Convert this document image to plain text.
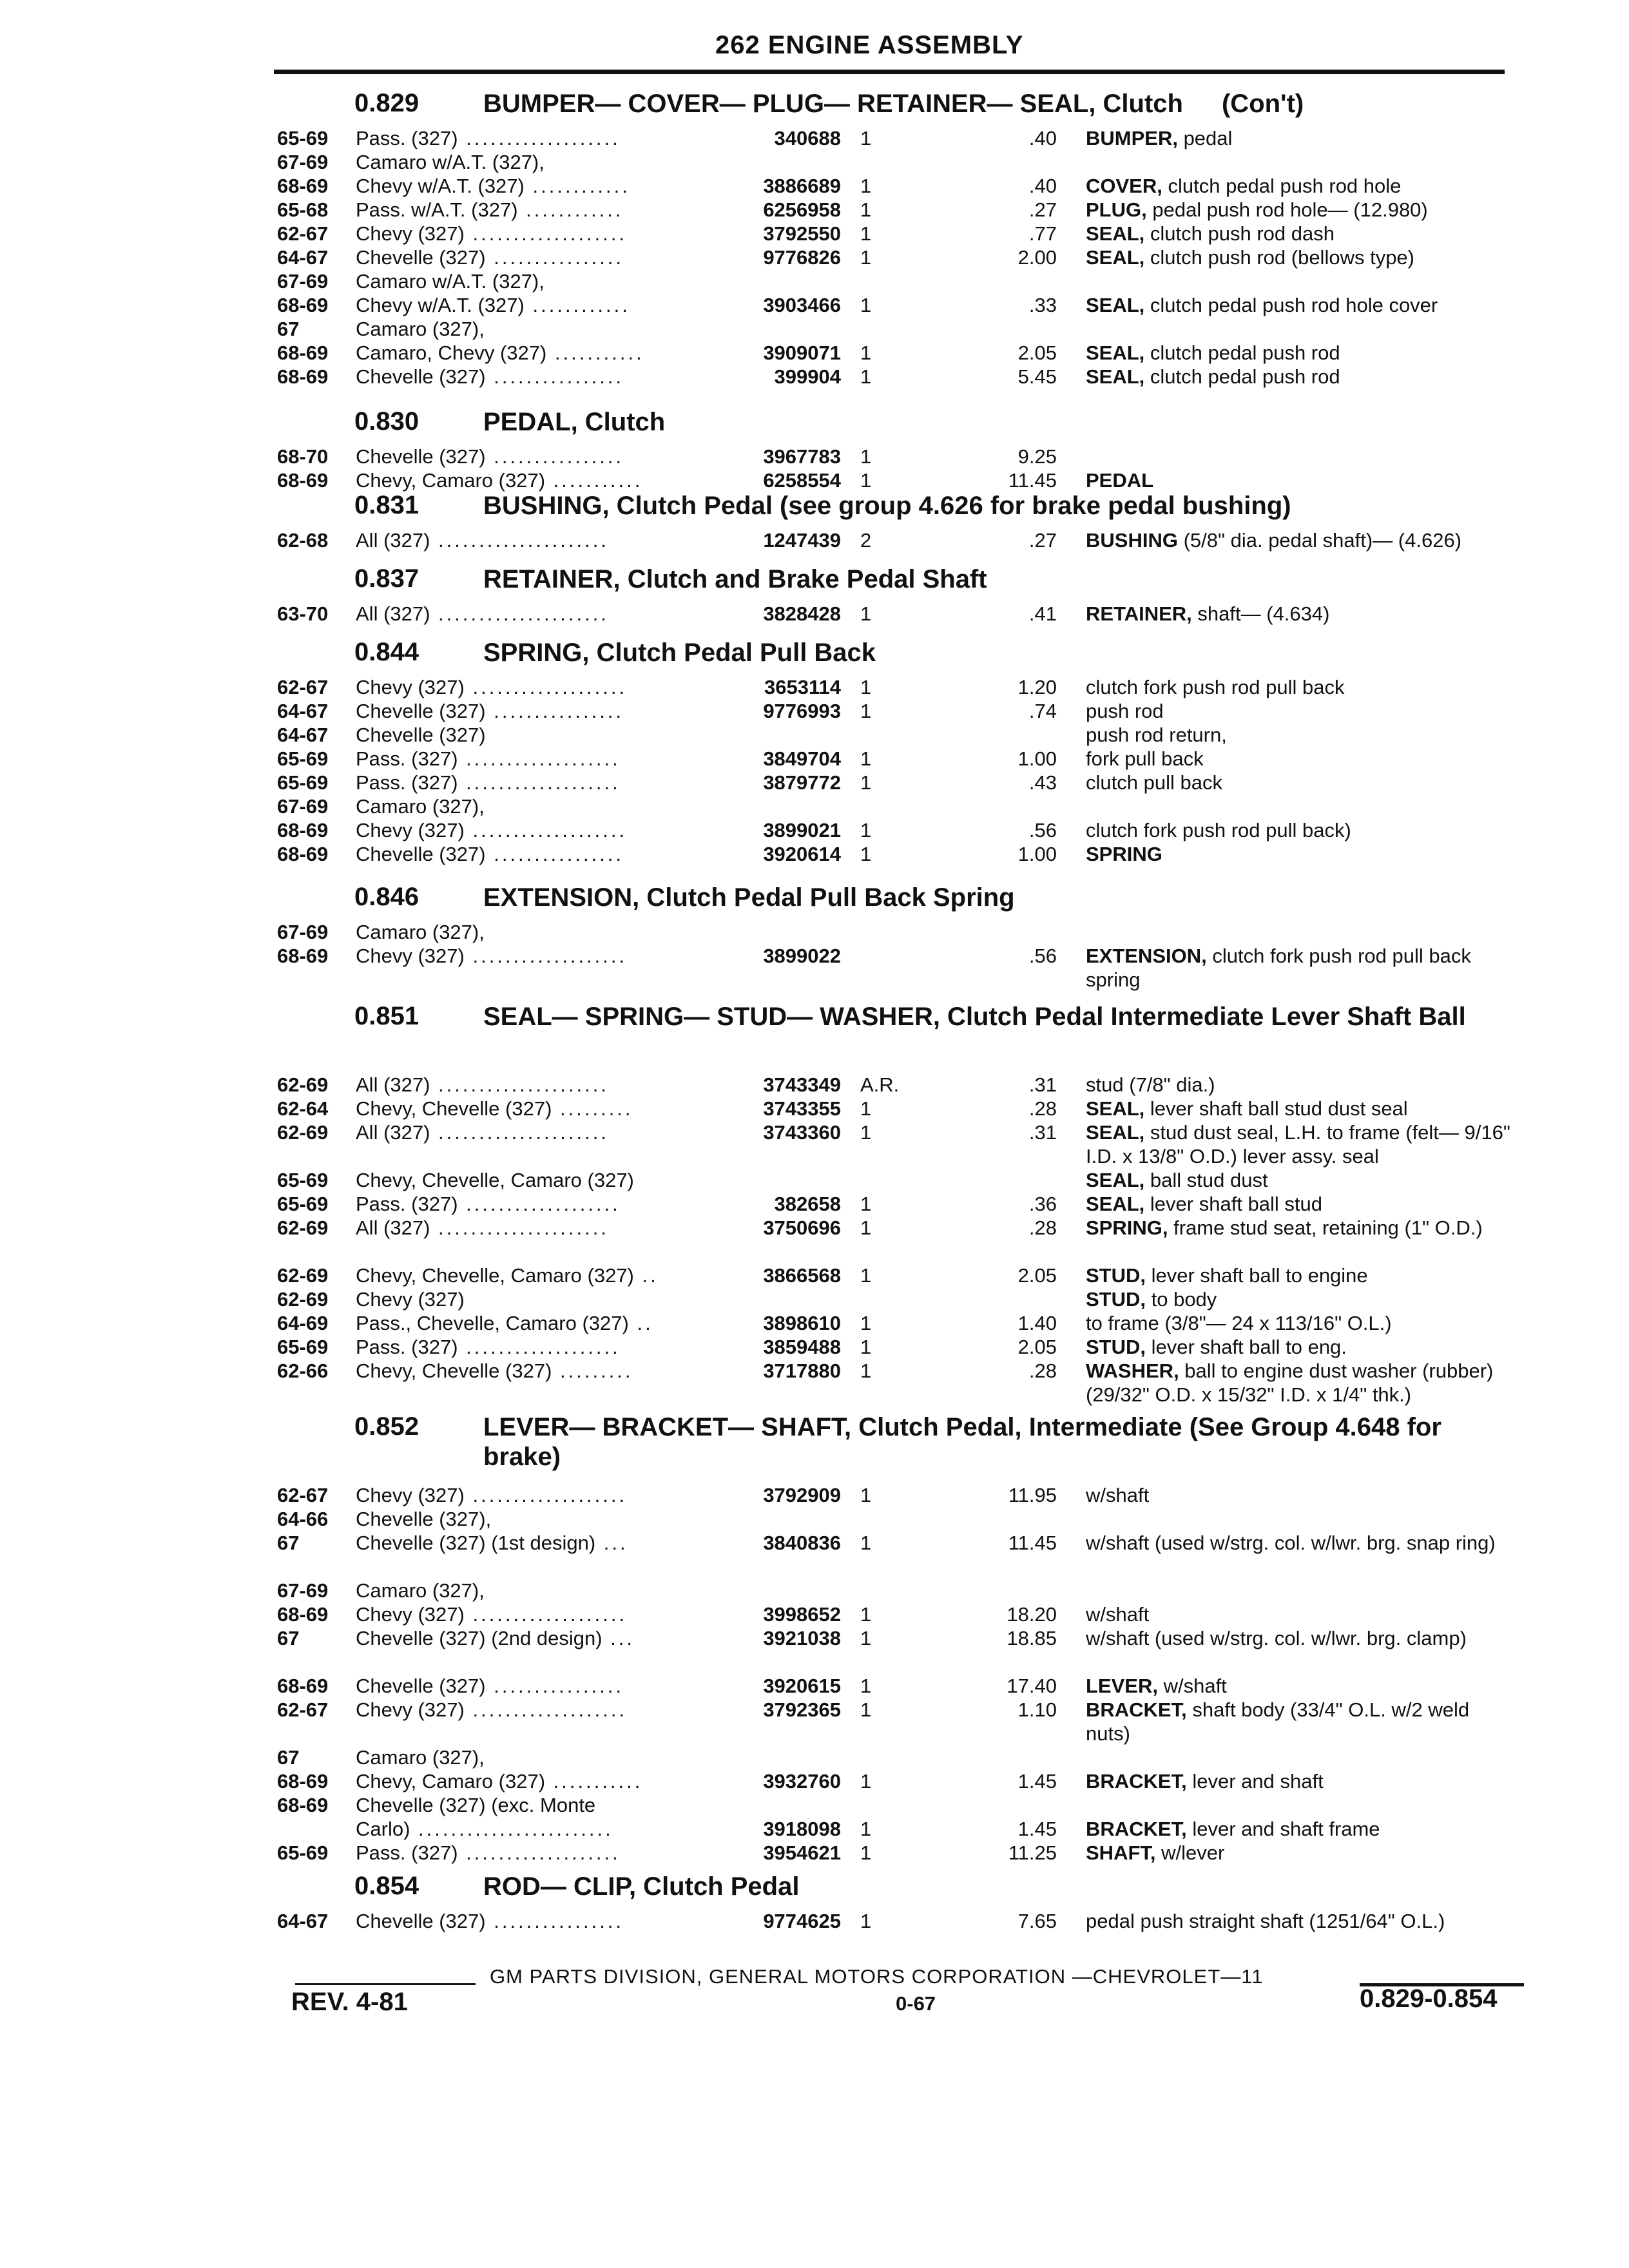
262 ENGINE ASSEMBLY
0.829 BUMPER— COVER— PLUG— RETAINER— SEAL, Clutch (Con't)
65-69	Pass. (327) ...................	340688 1	.40 BUMPER, pedal
67-69	Camaro w/A.T. (327),
68-69	Chevy w/A.T. (327) ............	3886689 1	.40 COVER, clutch pedal push rod hole
65-68	Pass. w/A.T. (327) ............	6256958 1	.27 PLUG, pedal push rod hole— (12.980)
62-67	Chevy (327) ...................	3792550 1	.77 SEAL, clutch push rod dash
64-67	Chevelle (327) ................	9776826 1	2.00 SEAL, clutch push rod (bellows type)
67-69	Camaro w/A.T. (327),
68-69	Chevy w/A.T. (327) ............	3903466 1	.33 SEAL, clutch pedal push rod hole cover
67	Camaro (327),
68-69	Camaro, Chevy (327) ...........	3909071 1	2.05 SEAL, clutch pedal push rod
68-69	Chevelle (327) ................	399904 1	5.45 SEAL, clutch pedal push rod
0.830 PEDAL, Clutch
68-70	Chevelle (327) ................	3967783 1	9.25
68-69	Chevy, Camaro (327) ...........	6258554 1	11.45 PEDAL
0.831 BUSHING, Clutch Pedal (see group 4.626 for brake pedal bushing)
62-68	All (327) .....................	1247439 2	.27 BUSHING (5/8" dia. pedal shaft)— (4.626)
0.837 RETAINER, Clutch and Brake Pedal Shaft
63-70	All (327) .....................	3828428 1	.41 RETAINER, shaft— (4.634)
0.844 SPRING, Clutch Pedal Pull Back
62-67	Chevy (327) ...................	3653114 1	1.20 clutch fork push rod pull back
64-67	Chevelle (327) ................	9776993 1	.74 push rod
64-67	Chevelle (327)	push rod return,
65-69	Pass. (327) ...................	3849704 1	1.00 fork pull back
65-69	Pass. (327) ...................	3879772 1	.43 clutch pull back
67-69	Camaro (327),
68-69	Chevy (327) ...................	3899021 1	.56 clutch fork push rod pull back)
68-69	Chevelle (327) ................	3920614 1	1.00 SPRING
0.846 EXTENSION, Clutch Pedal Pull Back Spring
67-69	Camaro (327),
68-69	Chevy (327) ...................	3899022	.56 EXTENSION, clutch fork push rod pull back spring
0.851 SEAL— SPRING— STUD— WASHER, Clutch Pedal Intermediate Lever Shaft Ball
62-69	All (327) .....................	3743349 A.R.	.31 stud (7/8" dia.)
62-64	Chevy, Chevelle (327) .........	3743355 1	.28 SEAL, lever shaft ball stud dust seal
62-69	All (327) .....................	3743360 1	.31 SEAL, stud dust seal, L.H. to frame (felt— 9/16" I.D. x 13/8" O.D.) lever assy. seal
65-69	Chevy, Chevelle, Camaro (327)	SEAL, ball stud dust
65-69	Pass. (327) ...................	382658 1	.36 SEAL, lever shaft ball stud
62-69	All (327) .....................	3750696 1	.28 SPRING, frame stud seat, retaining (1" O.D.)
62-69	Chevy, Chevelle, Camaro (327) ..	3866568 1	2.05 STUD, lever shaft ball to engine
62-69	Chevy (327)	STUD, to body
64-69	Pass., Chevelle, Camaro (327) ..	3898610 1	1.40 to frame (3/8"— 24 x 113/16" O.L.)
65-69	Pass. (327) ...................	3859488 1	2.05 STUD, lever shaft ball to eng.
62-66	Chevy, Chevelle (327) .........	3717880 1	.28 WASHER, ball to engine dust washer (rubber) (29/32" O.D. x 15/32" I.D. x 1/4" thk.)
0.852 LEVER— BRACKET— SHAFT, Clutch Pedal, Intermediate (See Group 4.648 for brake)
62-67	Chevy (327) ...................	3792909 1	11.95 w/shaft
64-66	Chevelle (327),
67	Chevelle (327) (1st design) ...	3840836 1	11.45 w/shaft (used w/strg. col. w/lwr. brg. snap ring)
67-69	Camaro (327),
68-69	Chevy (327) ...................	3998652 1	18.20 w/shaft
67	Chevelle (327) (2nd design) ...	3921038 1	18.85 w/shaft (used w/strg. col. w/lwr. brg. clamp)
68-69	Chevelle (327) ................	3920615 1	17.40 LEVER, w/shaft
62-67	Chevy (327) ...................	3792365 1	1.10 BRACKET, shaft body (33/4" O.L. w/2 weld nuts)
67	Camaro (327),
68-69	Chevy, Camaro (327) ...........	3932760 1	1.45 BRACKET, lever and shaft
68-69	Chevelle (327) (exc. Monte
Carlo) ........................	3918098 1	1.45 BRACKET, lever and shaft frame
65-69	Pass. (327) ...................	3954621 1	11.25 SHAFT, w/lever
0.854 ROD— CLIP, Clutch Pedal
64-67	Chevelle (327) ................	9774625 1	7.65 pedal push straight shaft (1251/64" O.L.)
GM PARTS DIVISION, GENERAL MOTORS CORPORATION —CHEVROLET—11
REV. 4-81	0-67	0.829-0.854
